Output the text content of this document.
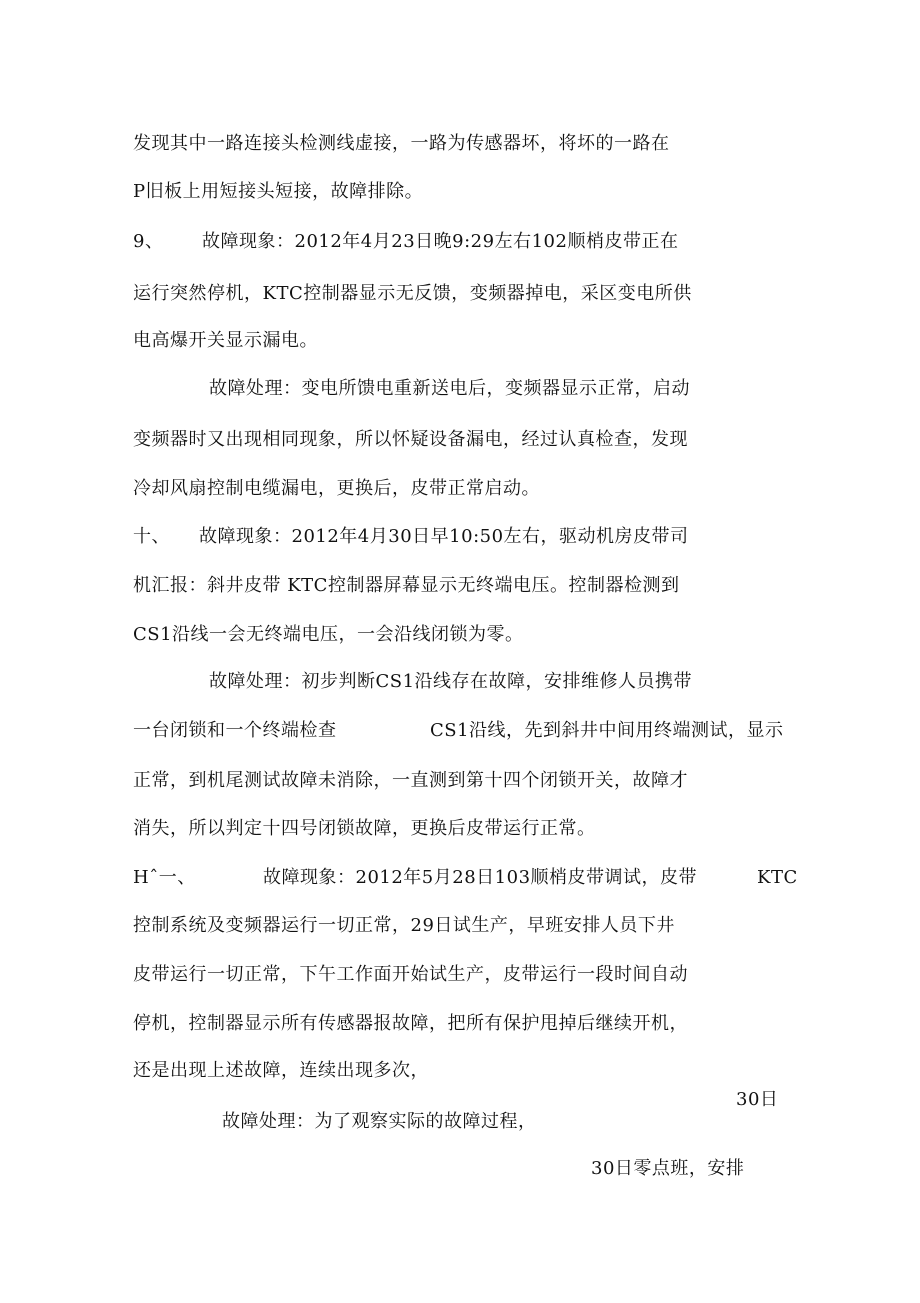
发现其中一路连接头检测线虚接，一路为传感器坏，将坏的一路在
P旧板上用短接头短接，故障排除。
9、 故障现象：2012年4月23日晚9:29左右102顺梢皮带正在
运行突然停机，KTC控制器显示无反馈，变频器掉电，采区变电所供
电高爆开关显示漏电。
故障处理：变电所馈电重新送电后，变频器显示正常，启动
变频器时又出现相同现象，所以怀疑设备漏电，经过认真检查，发现
冷却风扇控制电缆漏电，更换后，皮带正常启动。
十、 故障现象：2012年4月30日早10:50左右，驱动机房皮带司
机汇报：斜井皮带 KTC控制器屏幕显示无终端电压。控制器检测到
CS1沿线一会无终端电压，一会沿线闭锁为零。
故障处理：初步判断CS1沿线存在故障，安排维修人员携带
一台闭锁和一个终端检查	CS1沿线，先到斜井中间用终端测试，显示
正常，到机尾测试故障未消除，一直测到第十四个闭锁开关，故障才
消失，所以判定十四号闭锁故障，更换后皮带运行正常。
Hˆ一、	故障现象：2012年5月28日103顺梢皮带调试，皮带	KTC
控制系统及变频器运行一切正常，29日试生产，早班安排人员下井
皮带运行一切正常，下午工作面开始试生产，皮带运行一段时间自动
停机，控制器显示所有传感器报故障，把所有保护甩掉后继续开机，
还是出现上述故障，连续出现多次，
30日
故障处理：为了观察实际的故障过程，
30日零点班，安排
